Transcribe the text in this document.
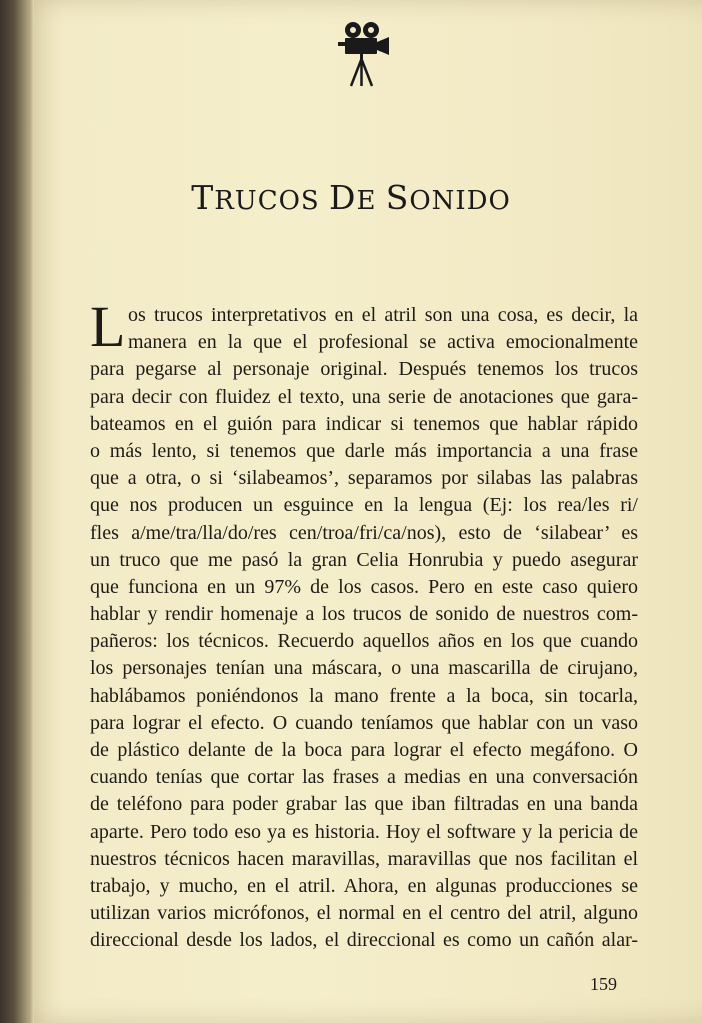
TRUCOS DE SONIDO
L os trucos interpretativos en el atril son una cosa, es decir, la
manera en la que el profesional se activa emocionalmente
para pegarse al personaje original. Después tenemos los trucos
para decir con fluidez el texto, una serie de anotaciones que gara-
bateamos en el guión para indicar si tenemos que hablar rápido
o más lento, si tenemos que darle más importancia a una frase
que a otra, o si ‘silabeamos’, separamos por silabas las palabras
que nos producen un esguince en la lengua (Ej: los rea/les ri/
fles a/me/tra/lla/do/res cen/troa/fri/ca/nos), esto de ‘silabear’ es
un truco que me pasó la gran Celia Honrubia y puedo asegurar
que funciona en un 97% de los casos. Pero en este caso quiero
hablar y rendir homenaje a los trucos de sonido de nuestros com-
pañeros: los técnicos. Recuerdo aquellos años en los que cuando
los personajes tenían una máscara, o una mascarilla de cirujano,
hablábamos poniéndonos la mano frente a la boca, sin tocarla,
para lograr el efecto. O cuando teníamos que hablar con un vaso
de plástico delante de la boca para lograr el efecto megáfono. O
cuando tenías que cortar las frases a medias en una conversación
de teléfono para poder grabar las que iban filtradas en una banda
aparte. Pero todo eso ya es historia. Hoy el software y la pericia de
nuestros técnicos hacen maravillas, maravillas que nos facilitan el
trabajo, y mucho, en el atril. Ahora, en algunas producciones se
utilizan varios micrófonos, el normal en el centro del atril, alguno
direccional desde los lados, el direccional es como un cañón alar-
159
